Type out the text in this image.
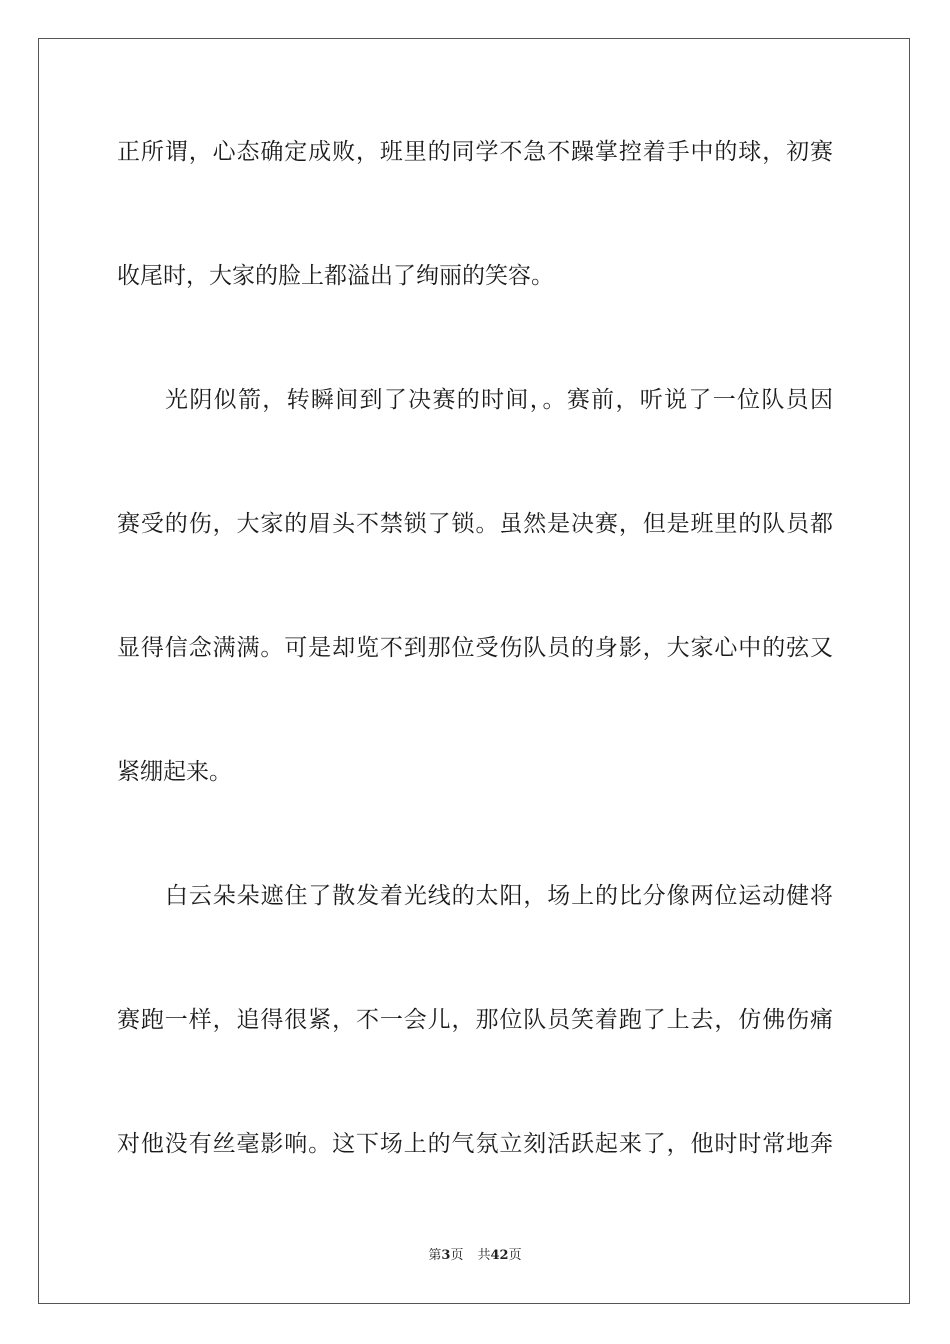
正所谓，心态确定成败，班里的同学不急不躁掌控着手中的球，初赛
收尾时，大家的脸上都溢出了绚丽的笑容。
光阴似箭，转瞬间到了决赛的时间，。赛前，听说了一位队员因
赛受的伤，大家的眉头不禁锁了锁。虽然是决赛，但是班里的队员都
显得信念满满。可是却览不到那位受伤队员的身影，大家心中的弦又
紧绷起来。
白云朵朵遮住了散发着光线的太阳，场上的比分像两位运动健将
赛跑一样，追得很紧，不一会儿，那位队员笑着跑了上去，仿佛伤痛
对他没有丝毫影响。这下场上的气氛立刻活跃起来了，他时时常地奔
第3页 共42页
